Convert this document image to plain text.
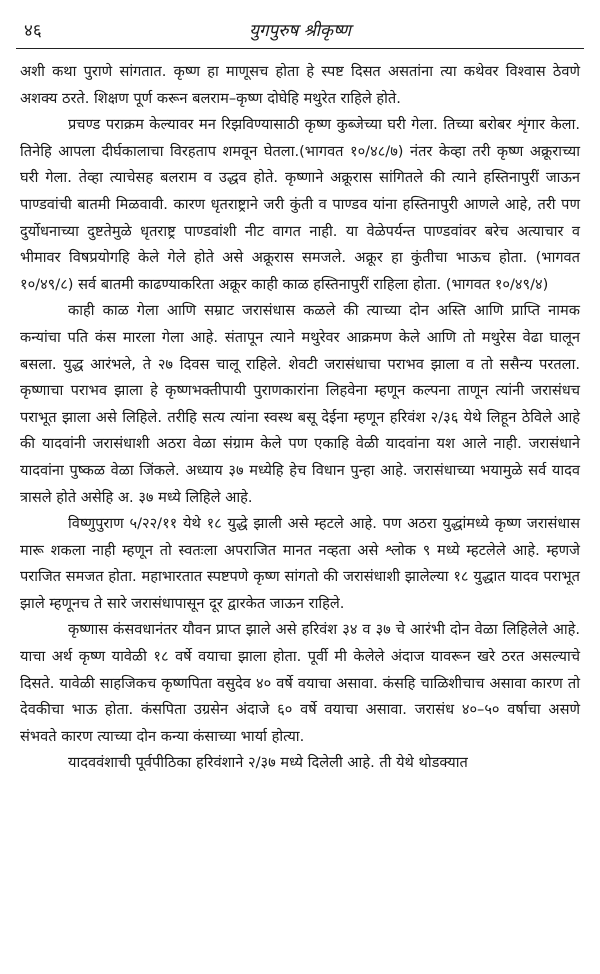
४६	युगपुरुष श्रीकृष्ण

अशी कथा पुराणे सांगतात. कृष्ण हा माणूसच होता हे स्पष्ट दिसत असतांना त्या कथेवर विश्वास ठेवणे अशक्य ठरते. शिक्षण पूर्ण करून बलराम–कृष्ण दोघेहि मथुरेत राहिले होते.

प्रचण्ड पराक्रम केल्यावर मन रिझविण्यासाठी कृष्ण कुब्जेच्या घरी गेला. तिच्या बरोबर शृंगार केला. तिनेहि आपला दीर्घकालाचा विरहताप शमवून घेतला.(भागवत १०/४८/७) नंतर केव्हा तरी कृष्ण अक्रूराच्या घरी गेला. तेव्हा त्याचेसह बलराम व उद्धव होते. कृष्णाने अक्रूरास सांगितले की त्याने हस्तिनापुरीं जाऊन पाण्डवांची बातमी मिळवावी. कारण धृतराष्ट्राने जरी कुंती व पाण्डव यांना हस्तिनापुरी आणले आहे, तरी पण दुर्योधनाच्या दुष्टतेमुळे धृतराष्ट्र पाण्डवांशी नीट वागत नाही. या वेळेपर्यन्त पाण्डवांवर बरेच अत्याचार व भीमावर विषप्रयोगहि केले गेले होते असे अक्रूरास समजले. अक्रूर हा कुंतीचा भाऊच होता. (भागवत १०/४९/८) सर्व बातमी काढण्याकरिता अक्रूर काही काळ हस्तिनापुरीं राहिला होता. (भागवत १०/४९/४)

काही काळ गेला आणि सम्राट जरासंधास कळले की त्याच्या दोन अस्ति आणि प्राप्ति नामक कन्यांचा पति कंस मारला गेला आहे. संतापून त्याने मथुरेवर आक्रमण केले आणि तो मथुरेस वेढा घालून बसला. युद्ध आरंभले, ते २७ दिवस चालू राहिले. शेवटी जरासंधाचा पराभव झाला व तो ससैन्य परतला. कृष्णाचा पराभव झाला हे कृष्णभक्तीपायी पुराणकारांना लिहवेना म्हणून कल्पना ताणून त्यांनी जरासंधच पराभूत झाला असे लिहिले. तरीहि सत्य त्यांना स्वस्थ बसू देईना म्हणून हरिवंश २/३६ येथे लिहून ठेविले आहे की यादवांनी जरासंधाशी अठरा वेळा संग्राम केले पण एकाहि वेळी यादवांना यश आले नाही. जरासंधाने यादवांना पुष्कळ वेळा जिंकले. अध्याय ३७ मध्येहि हेच विधान पुन्हा आहे. जरासंधाच्या भयामुळे सर्व यादव त्रासले होते असेहि अ. ३७ मध्ये लिहिले आहे.

विष्णुपुराण ५/२२/११ येथे १८ युद्धे झाली असे म्हटले आहे. पण अठरा युद्धांमध्ये कृष्ण जरासंधास मारू शकला नाही म्हणून तो स्वतःला अपराजित मानत नव्हता असे श्लोक ९ मध्ये म्हटलेले आहे. म्हणजे पराजित समजत होता. महाभारतात स्पष्टपणे कृष्ण सांगतो की जरासंधाशी झालेल्या १८ युद्धात यादव पराभूत झाले म्हणूनच ते सारे जरासंधापासून दूर द्वारकेत जाऊन राहिले.

कृष्णास कंसवधानंतर यौवन प्राप्त झाले असे हरिवंश ३४ व ३७ चे आरंभी दोन वेळा लिहिलेले आहे. याचा अर्थ कृष्ण यावेळी १८ वर्षे वयाचा झाला होता. पूर्वी मी केलेले अंदाज यावरून खरे ठरत असल्याचे दिसते. यावेळी साहजिकच कृष्णपिता वसुदेव ४० वर्षे वयाचा असावा. कंसहि चाळिशीचाच असावा कारण तो देवकीचा भाऊ होता. कंसपिता उग्रसेन अंदाजे ६० वर्षे वयाचा असावा. जरासंध ४०–५० वर्षाचा असणे संभवते कारण त्याच्या दोन कन्या कंसाच्या भार्या होत्या.

यादववंशाची पूर्वपीठिका हरिवंशाने २/३७ मध्ये दिलेली आहे. ती येथे थोडक्यात
